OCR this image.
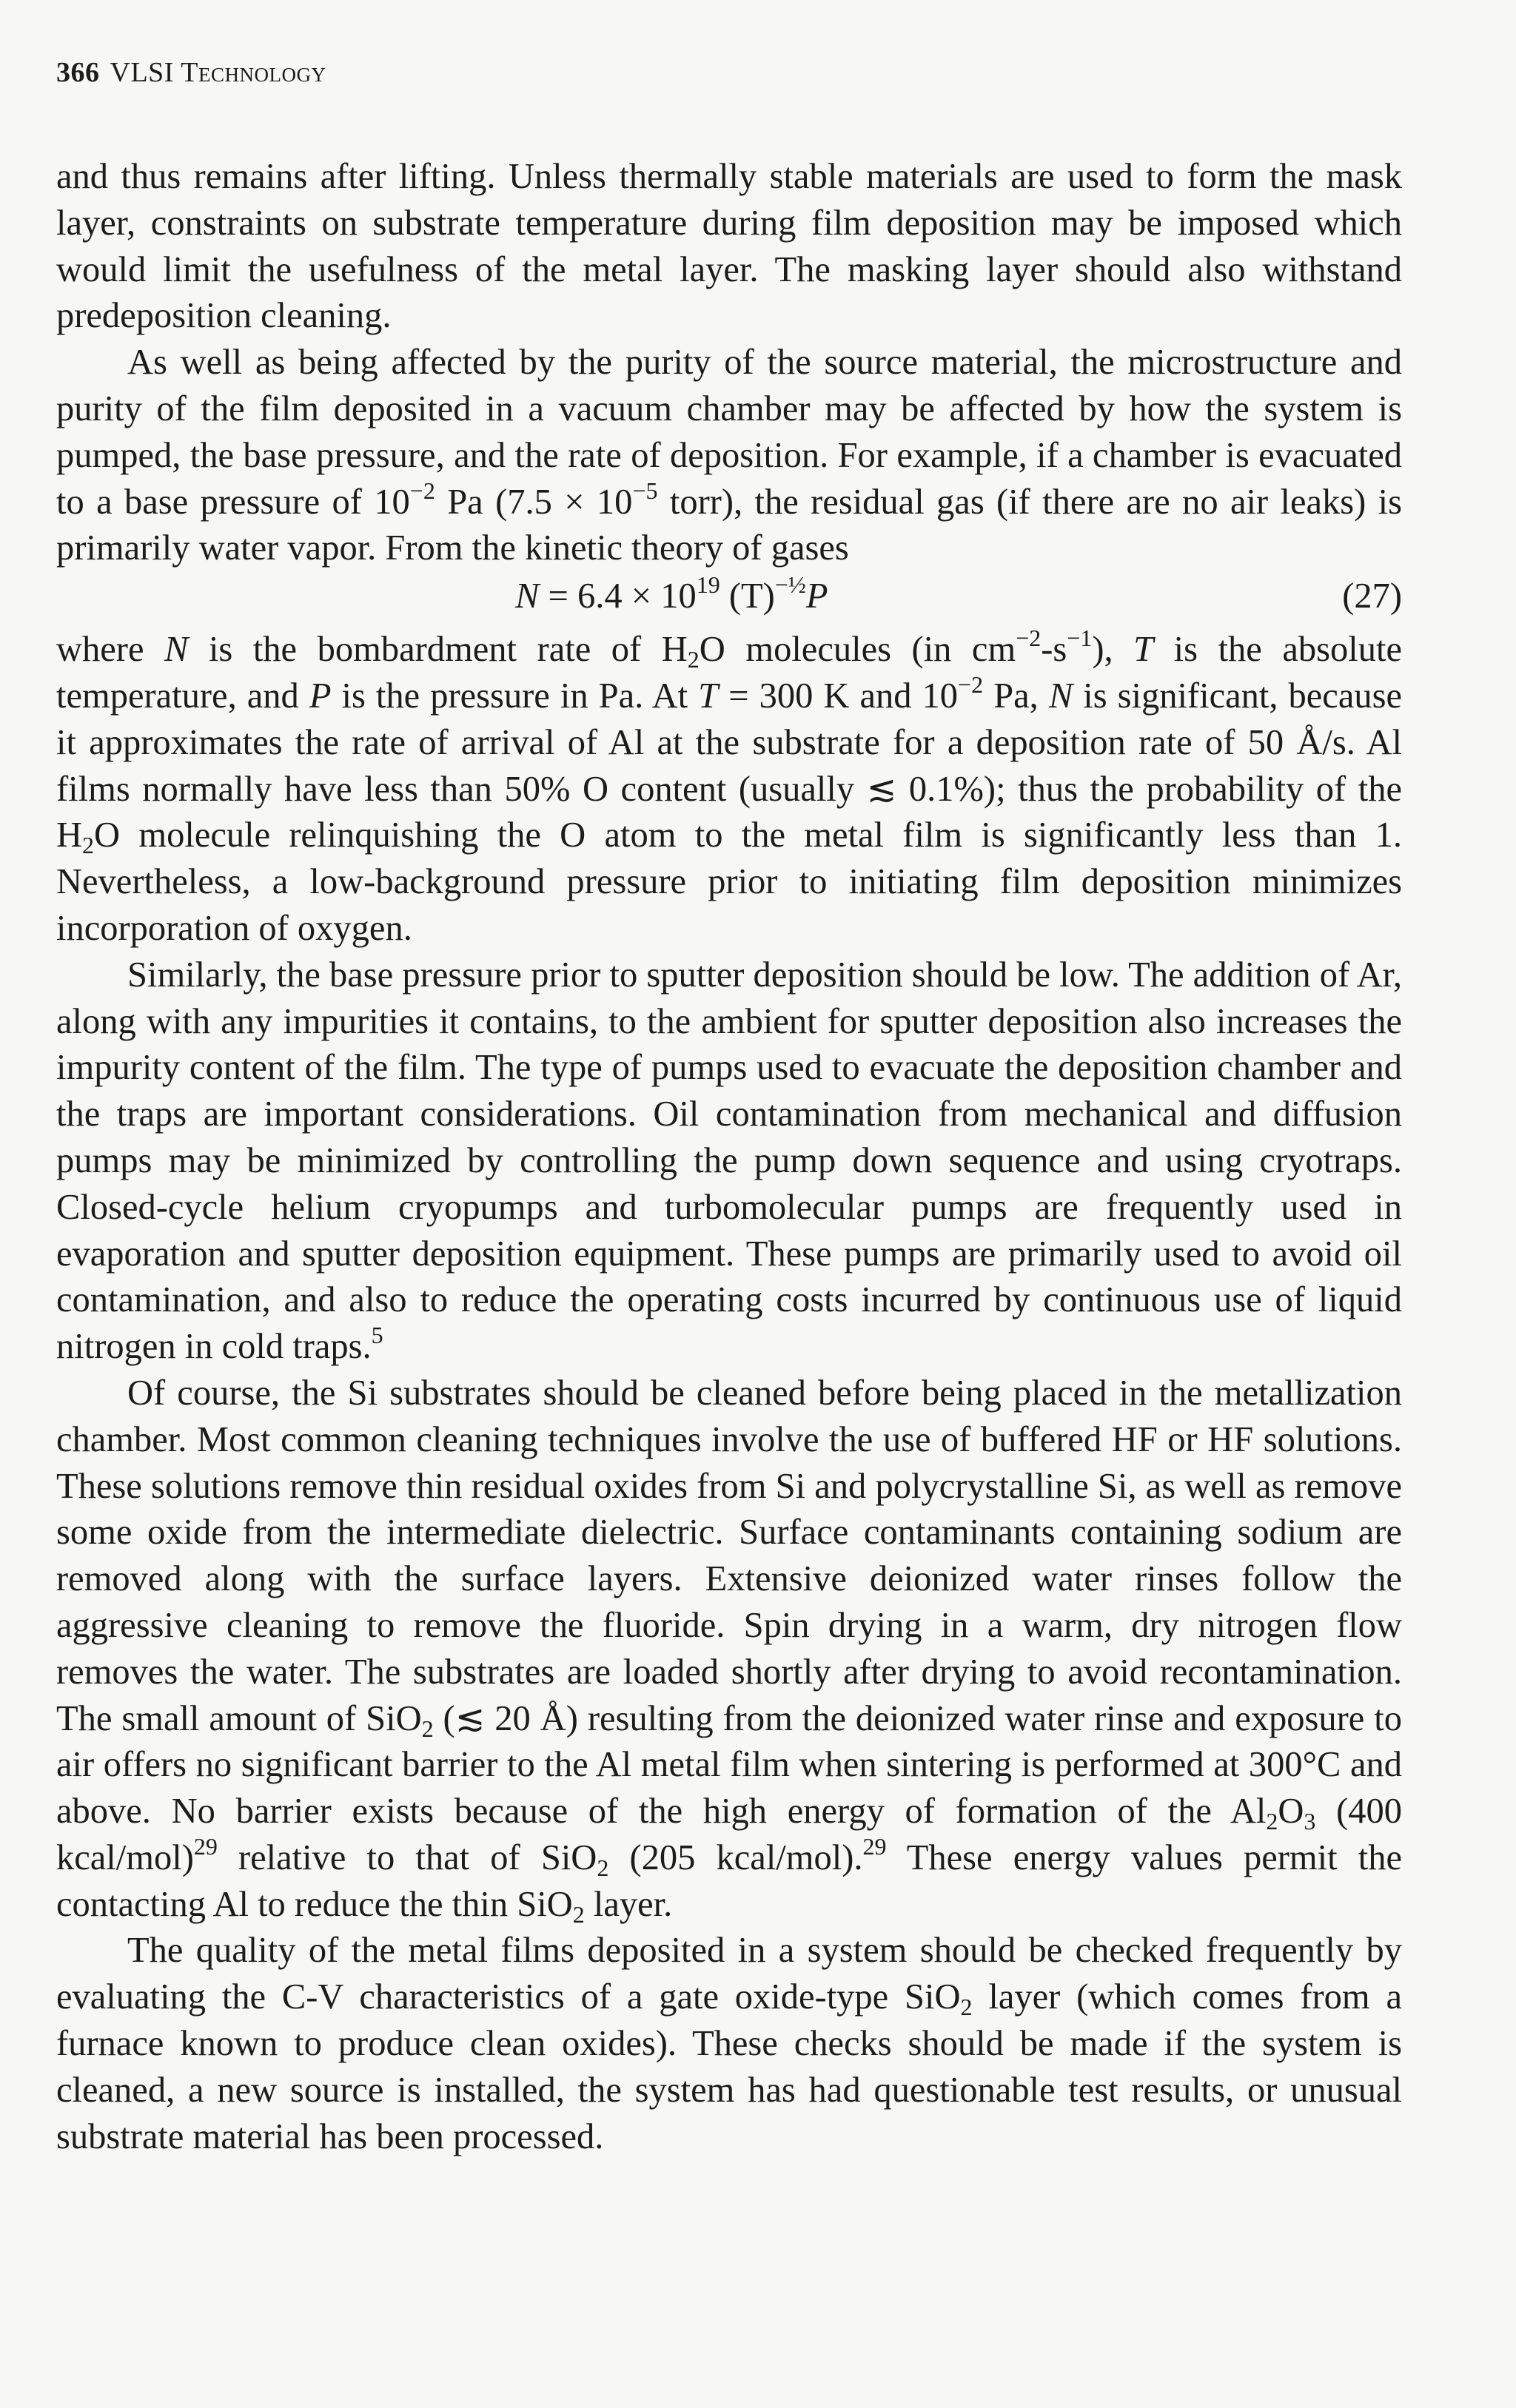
366 VLSI Technology

and thus remains after lifting. Unless thermally stable materials are used to form the mask layer, constraints on substrate temperature during film deposition may be imposed which would limit the usefulness of the metal layer. The masking layer should also withstand predeposition cleaning.

As well as being affected by the purity of the source material, the microstructure and purity of the film deposited in a vacuum chamber may be affected by how the system is pumped, the base pressure, and the rate of deposition. For example, if a chamber is evacuated to a base pressure of $10^{-2}$ Pa ($7.5 \times 10^{-5}$ torr), the residual gas (if there are no air leaks) is primarily water vapor. From the kinetic theory of gases

$N = 6.4 \times 10^{19}$ $(T)^{-\frac{1}{2}}P$	(27)

where N is the bombardment rate of $H_2O$ molecules (in $cm^{-2}-s^{-1}$), T is the absolute temperature, and P is the pressure in Pa. At T = 300 K and $10^{-2}$ Pa, N is significant, because it approximates the rate of arrival of Al at the substrate for a deposition rate of 50 Å/s. Al films normally have less than 50% O content (usually ≲ 0.1%); thus the probability of the $H_2O$ molecule relinquishing the O atom to the metal film is significantly less than 1. Nevertheless, a low-background pressure prior to initiating film deposition minimizes incorporation of oxygen.

Similarly, the base pressure prior to sputter deposition should be low. The addition of Ar, along with any impurities it contains, to the ambient for sputter deposition also increases the impurity content of the film. The type of pumps used to evacuate the deposition chamber and the traps are important considerations. Oil contamination from mechanical and diffusion pumps may be minimized by controlling the pump down sequence and using cryotraps. Closed-cycle helium cryopumps and turbomolecular pumps are frequently used in evaporation and sputter deposition equipment. These pumps are primarily used to avoid oil contamination, and also to reduce the operating costs incurred by continuous use of liquid nitrogen in cold traps.$^5$

Of course, the Si substrates should be cleaned before being placed in the metallization chamber. Most common cleaning techniques involve the use of buffered HF or HF solutions. These solutions remove thin residual oxides from Si and polycrystalline Si, as well as remove some oxide from the intermediate dielectric. Surface contaminants containing sodium are removed along with the surface layers. Extensive deionized water rinses follow the aggressive cleaning to remove the fluoride. Spin drying in a warm, dry nitrogen flow removes the water. The substrates are loaded shortly after drying to avoid recontamination. The small amount of SiO$_2$ (≲ 20 Å) resulting from the deionized water rinse and exposure to air offers no significant barrier to the Al metal film when sintering is performed at 300°C and above. No barrier exists because of the high energy of formation of the $Al_2O_3$ (400 kcal/mol)$^{29}$ relative to that of SiO$_2$ (205 kcal/mol).$^{29}$ These energy values permit the contacting Al to reduce the thin SiO$_2$ layer.

The quality of the metal films deposited in a system should be checked frequently by evaluating the C-V characteristics of a gate oxide-type SiO$_2$ layer (which comes from a furnace known to produce clean oxides). These checks should be made if the system is cleaned, a new source is installed, the system has had questionable test results, or unusual substrate material has been processed.
